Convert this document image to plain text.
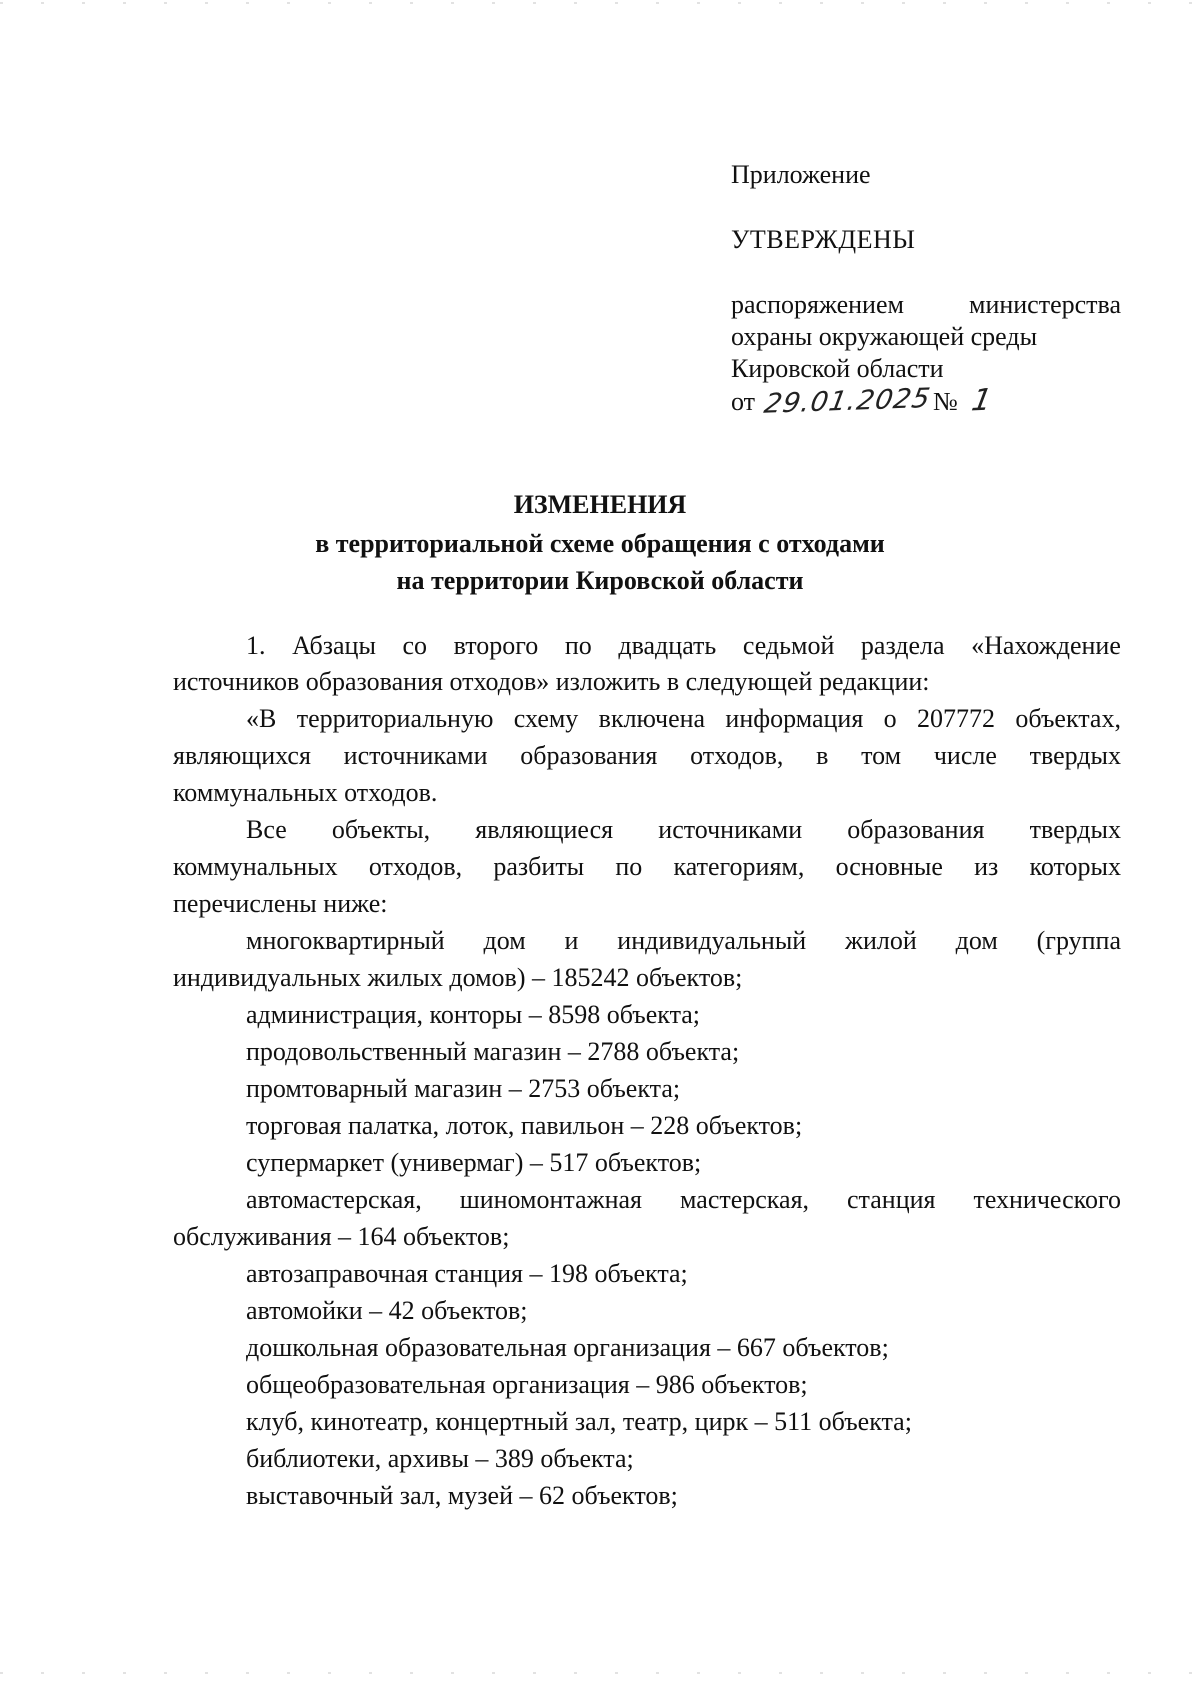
Приложение
УТВЕРЖДЕНЫ
распоряжением	министерства
охраны окружающей среды
Кировской области
от 29.01.2025 № 1
ИЗМЕНЕНИЯ
в территориальной схеме обращения с отходами
на территории Кировской области
1. Абзацы со второго по двадцать седьмой раздела «Нахождение
источников образования отходов» изложить в следующей редакции:
«В территориальную схему включена информация о 207772 объектах,
являющихся источниками образования отходов, в том числе твердых
коммунальных отходов.
Все объекты, являющиеся источниками образования твердых
коммунальных отходов, разбиты по категориям, основные из которых
перечислены ниже:
многоквартирный дом и индивидуальный жилой дом (группа
индивидуальных жилых домов) – 185242 объектов;
администрация, конторы – 8598 объекта;
продовольственный магазин – 2788 объекта;
промтоварный магазин – 2753 объекта;
торговая палатка, лоток, павильон – 228 объектов;
супермаркет (универмаг) – 517 объектов;
автомастерская, шиномонтажная мастерская, станция технического
обслуживания – 164 объектов;
автозаправочная станция – 198 объекта;
автомойки – 42 объектов;
дошкольная образовательная организация – 667 объектов;
общеобразовательная организация – 986 объектов;
клуб, кинотеатр, концертный зал, театр, цирк – 511 объекта;
библиотеки, архивы – 389 объекта;
выставочный зал, музей – 62 объектов;
